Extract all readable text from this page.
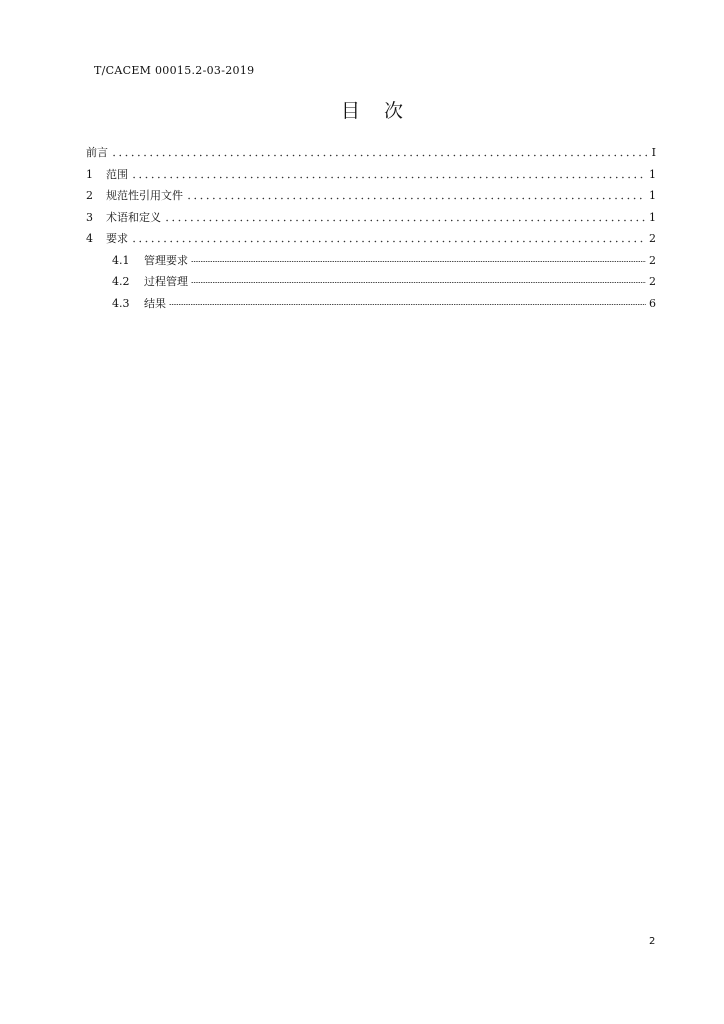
T/CACEM 00015.2-03-2019
目 次
前言	I
1	范围	1
2	规范性引用文件	1
3	术语和定义	1
4	要求	2
4.1	管理要求	2
4.2	过程管理	2
4.3	结果	6
2
